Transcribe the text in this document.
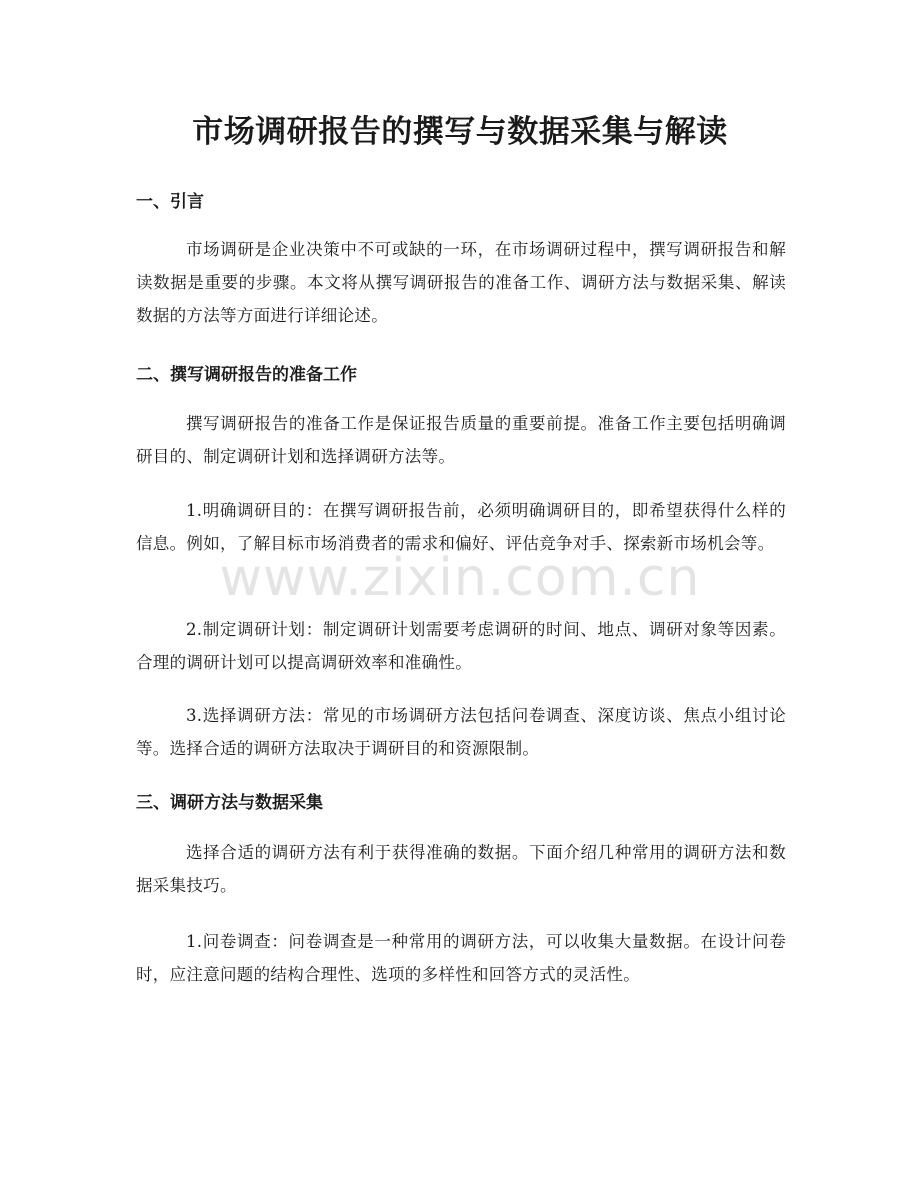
市场调研报告的撰写与数据采集与解读
一、引言

市场调研是企业决策中不可或缺的一环，在市场调研过程中，撰写调研报告和解读数据是重要的步骤。本文将从撰写调研报告的准备工作、调研方法与数据采集、解读数据的方法等方面进行详细论述。

二、撰写调研报告的准备工作

撰写调研报告的准备工作是保证报告质量的重要前提。准备工作主要包括明确调研目的、制定调研计划和选择调研方法等。

1.明确调研目的：在撰写调研报告前，必须明确调研目的，即希望获得什么样的信息。例如，了解目标市场消费者的需求和偏好、评估竞争对手、探索新市场机会等。

2.制定调研计划：制定调研计划需要考虑调研的时间、地点、调研对象等因素。合理的调研计划可以提高调研效率和准确性。

3.选择调研方法：常见的市场调研方法包括问卷调查、深度访谈、焦点小组讨论等。选择合适的调研方法取决于调研目的和资源限制。

三、调研方法与数据采集

选择合适的调研方法有利于获得准确的数据。下面介绍几种常用的调研方法和数据采集技巧。

1.问卷调查：问卷调查是一种常用的调研方法，可以收集大量数据。在设计问卷时，应注意问题的结构合理性、选项的多样性和回答方式的灵活性。

www.zixin.com.cn
